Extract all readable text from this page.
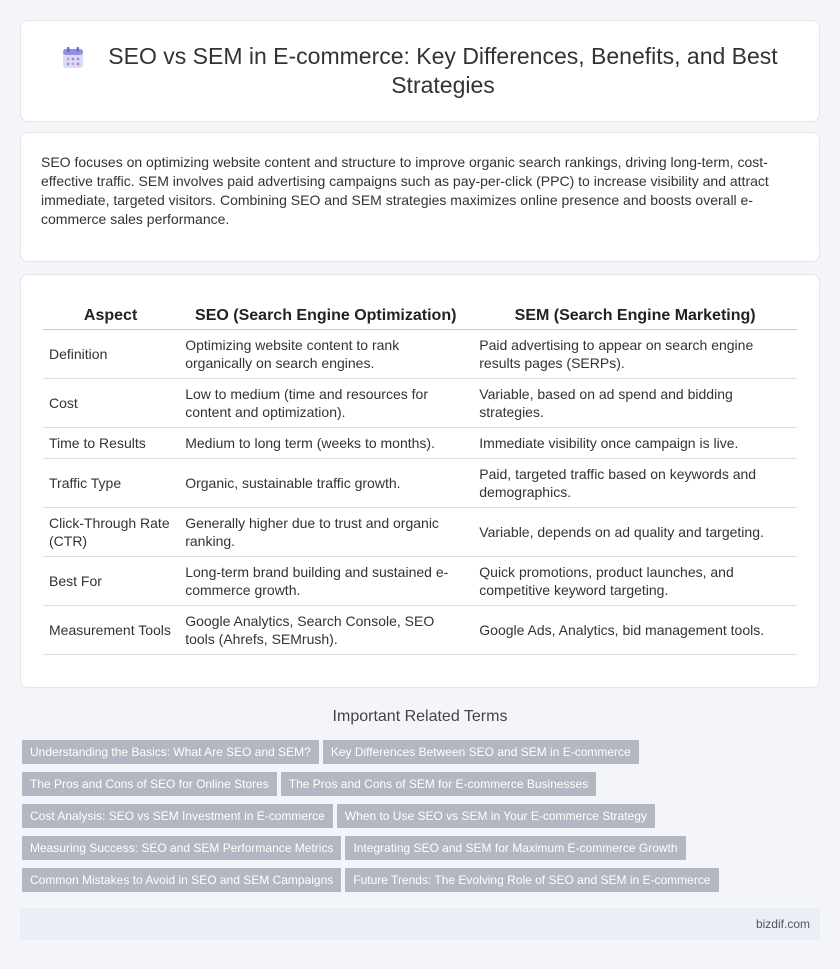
SEO vs SEM in E-commerce: Key Differences, Benefits, and Best Strategies

SEO focuses on optimizing website content and structure to improve organic search rankings, driving long-term, cost-effective traffic. SEM involves paid advertising campaigns such as pay-per-click (PPC) to increase visibility and attract immediate, targeted visitors. Combining SEO and SEM strategies maximizes online presence and boosts overall e-commerce sales performance.

Aspect	SEO (Search Engine Optimization)	SEM (Search Engine Marketing)
Definition	Optimizing website content to rank organically on search engines.	Paid advertising to appear on search engine results pages (SERPs).
Cost	Low to medium (time and resources for content and optimization).	Variable, based on ad spend and bidding strategies.
Time to Results	Medium to long term (weeks to months).	Immediate visibility once campaign is live.
Traffic Type	Organic, sustainable traffic growth.	Paid, targeted traffic based on keywords and demographics.
Click-Through Rate (CTR)	Generally higher due to trust and organic ranking.	Variable, depends on ad quality and targeting.
Best For	Long-term brand building and sustained e-commerce growth.	Quick promotions, product launches, and competitive keyword targeting.
Measurement Tools	Google Analytics, Search Console, SEO tools (Ahrefs, SEMrush).	Google Ads, Analytics, bid management tools.
Important Related Terms
Understanding the Basics: What Are SEO and SEM? Key Differences Between SEO and SEM in E-commerce
The Pros and Cons of SEO for Online Stores The Pros and Cons of SEM for E-commerce Businesses
Cost Analysis: SEO vs SEM Investment in E-commerce When to Use SEO vs SEM in Your E-commerce Strategy
Measuring Success: SEO and SEM Performance Metrics Integrating SEO and SEM for Maximum E-commerce Growth
Common Mistakes to Avoid in SEO and SEM Campaigns Future Trends: The Evolving Role of SEO and SEM in E-commerce
bizdif.com
